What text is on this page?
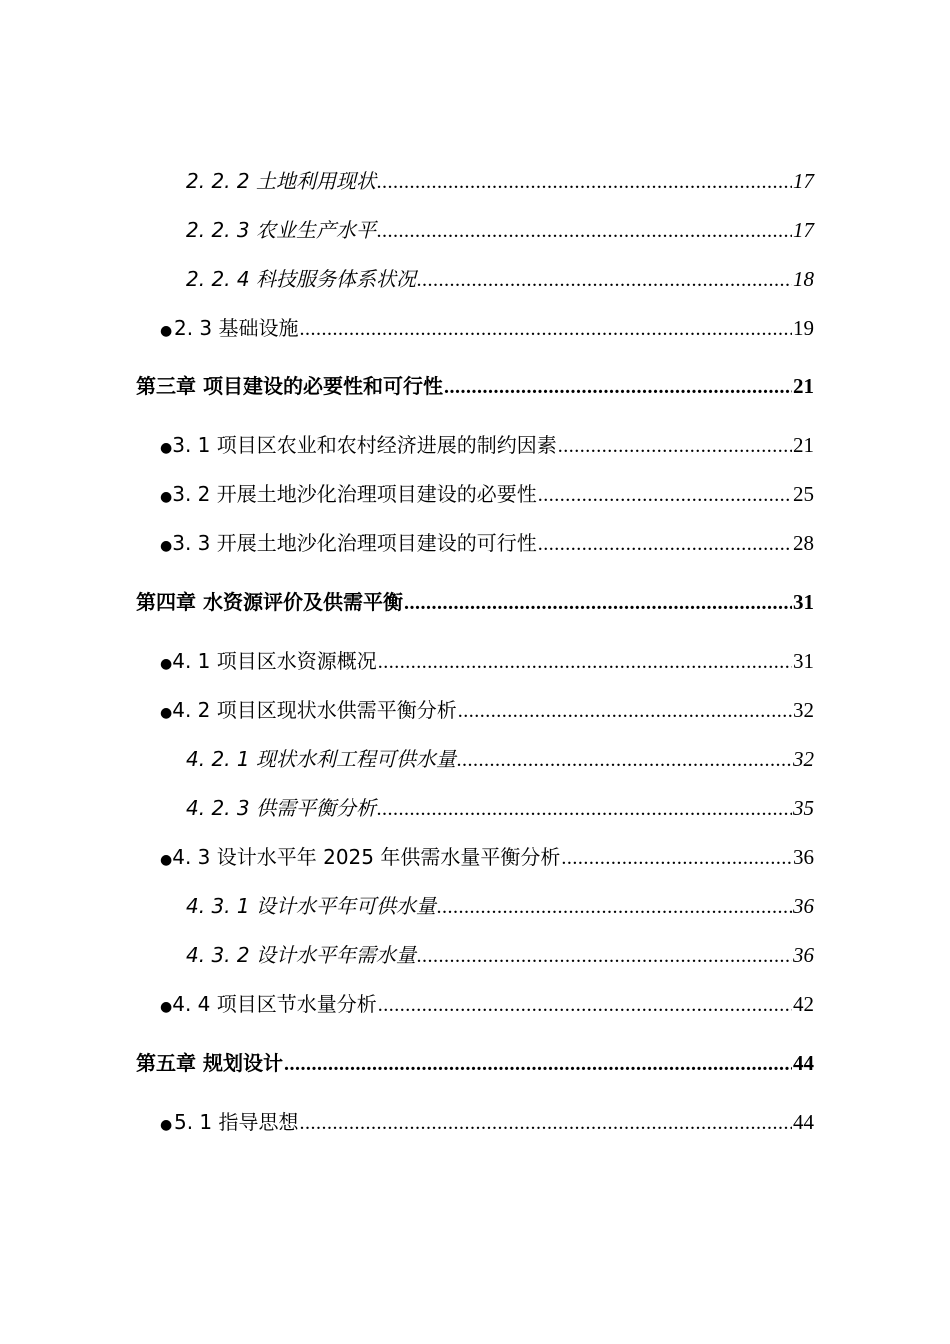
2. 2. 2 土地利用现状 .....	17
2. 2. 3 农业生产水平 .....	17
2. 2. 4 科技服务体系状况 .....	18
● 2. 3 基础设施 .....	19
第三章 项目建设的必要性和可行性 .....	21
● 3. 1 项目区农业和农村经济进展的制约因素 .....	21
● 3. 2 开展土地沙化治理项目建设的必要性 .....	25
● 3. 3 开展土地沙化治理项目建设的可行性 .....	28
第四章 水资源评价及供需平衡 .....	31
● 4. 1 项目区水资源概况 .....	31
● 4. 2 项目区现状水供需平衡分析 .....	32
4. 2. 1 现状水利工程可供水量 .....	32
4. 2. 3 供需平衡分析 .....	35
● 4. 3 设计水平年 2025 年供需水量平衡分析 .....	36
4. 3. 1 设计水平年可供水量 .....	36
4. 3. 2 设计水平年需水量 .....	36
● 4. 4 项目区节水量分析 .....	42
第五章 规划设计 .....	44
● 5. 1 指导思想 .....	44
